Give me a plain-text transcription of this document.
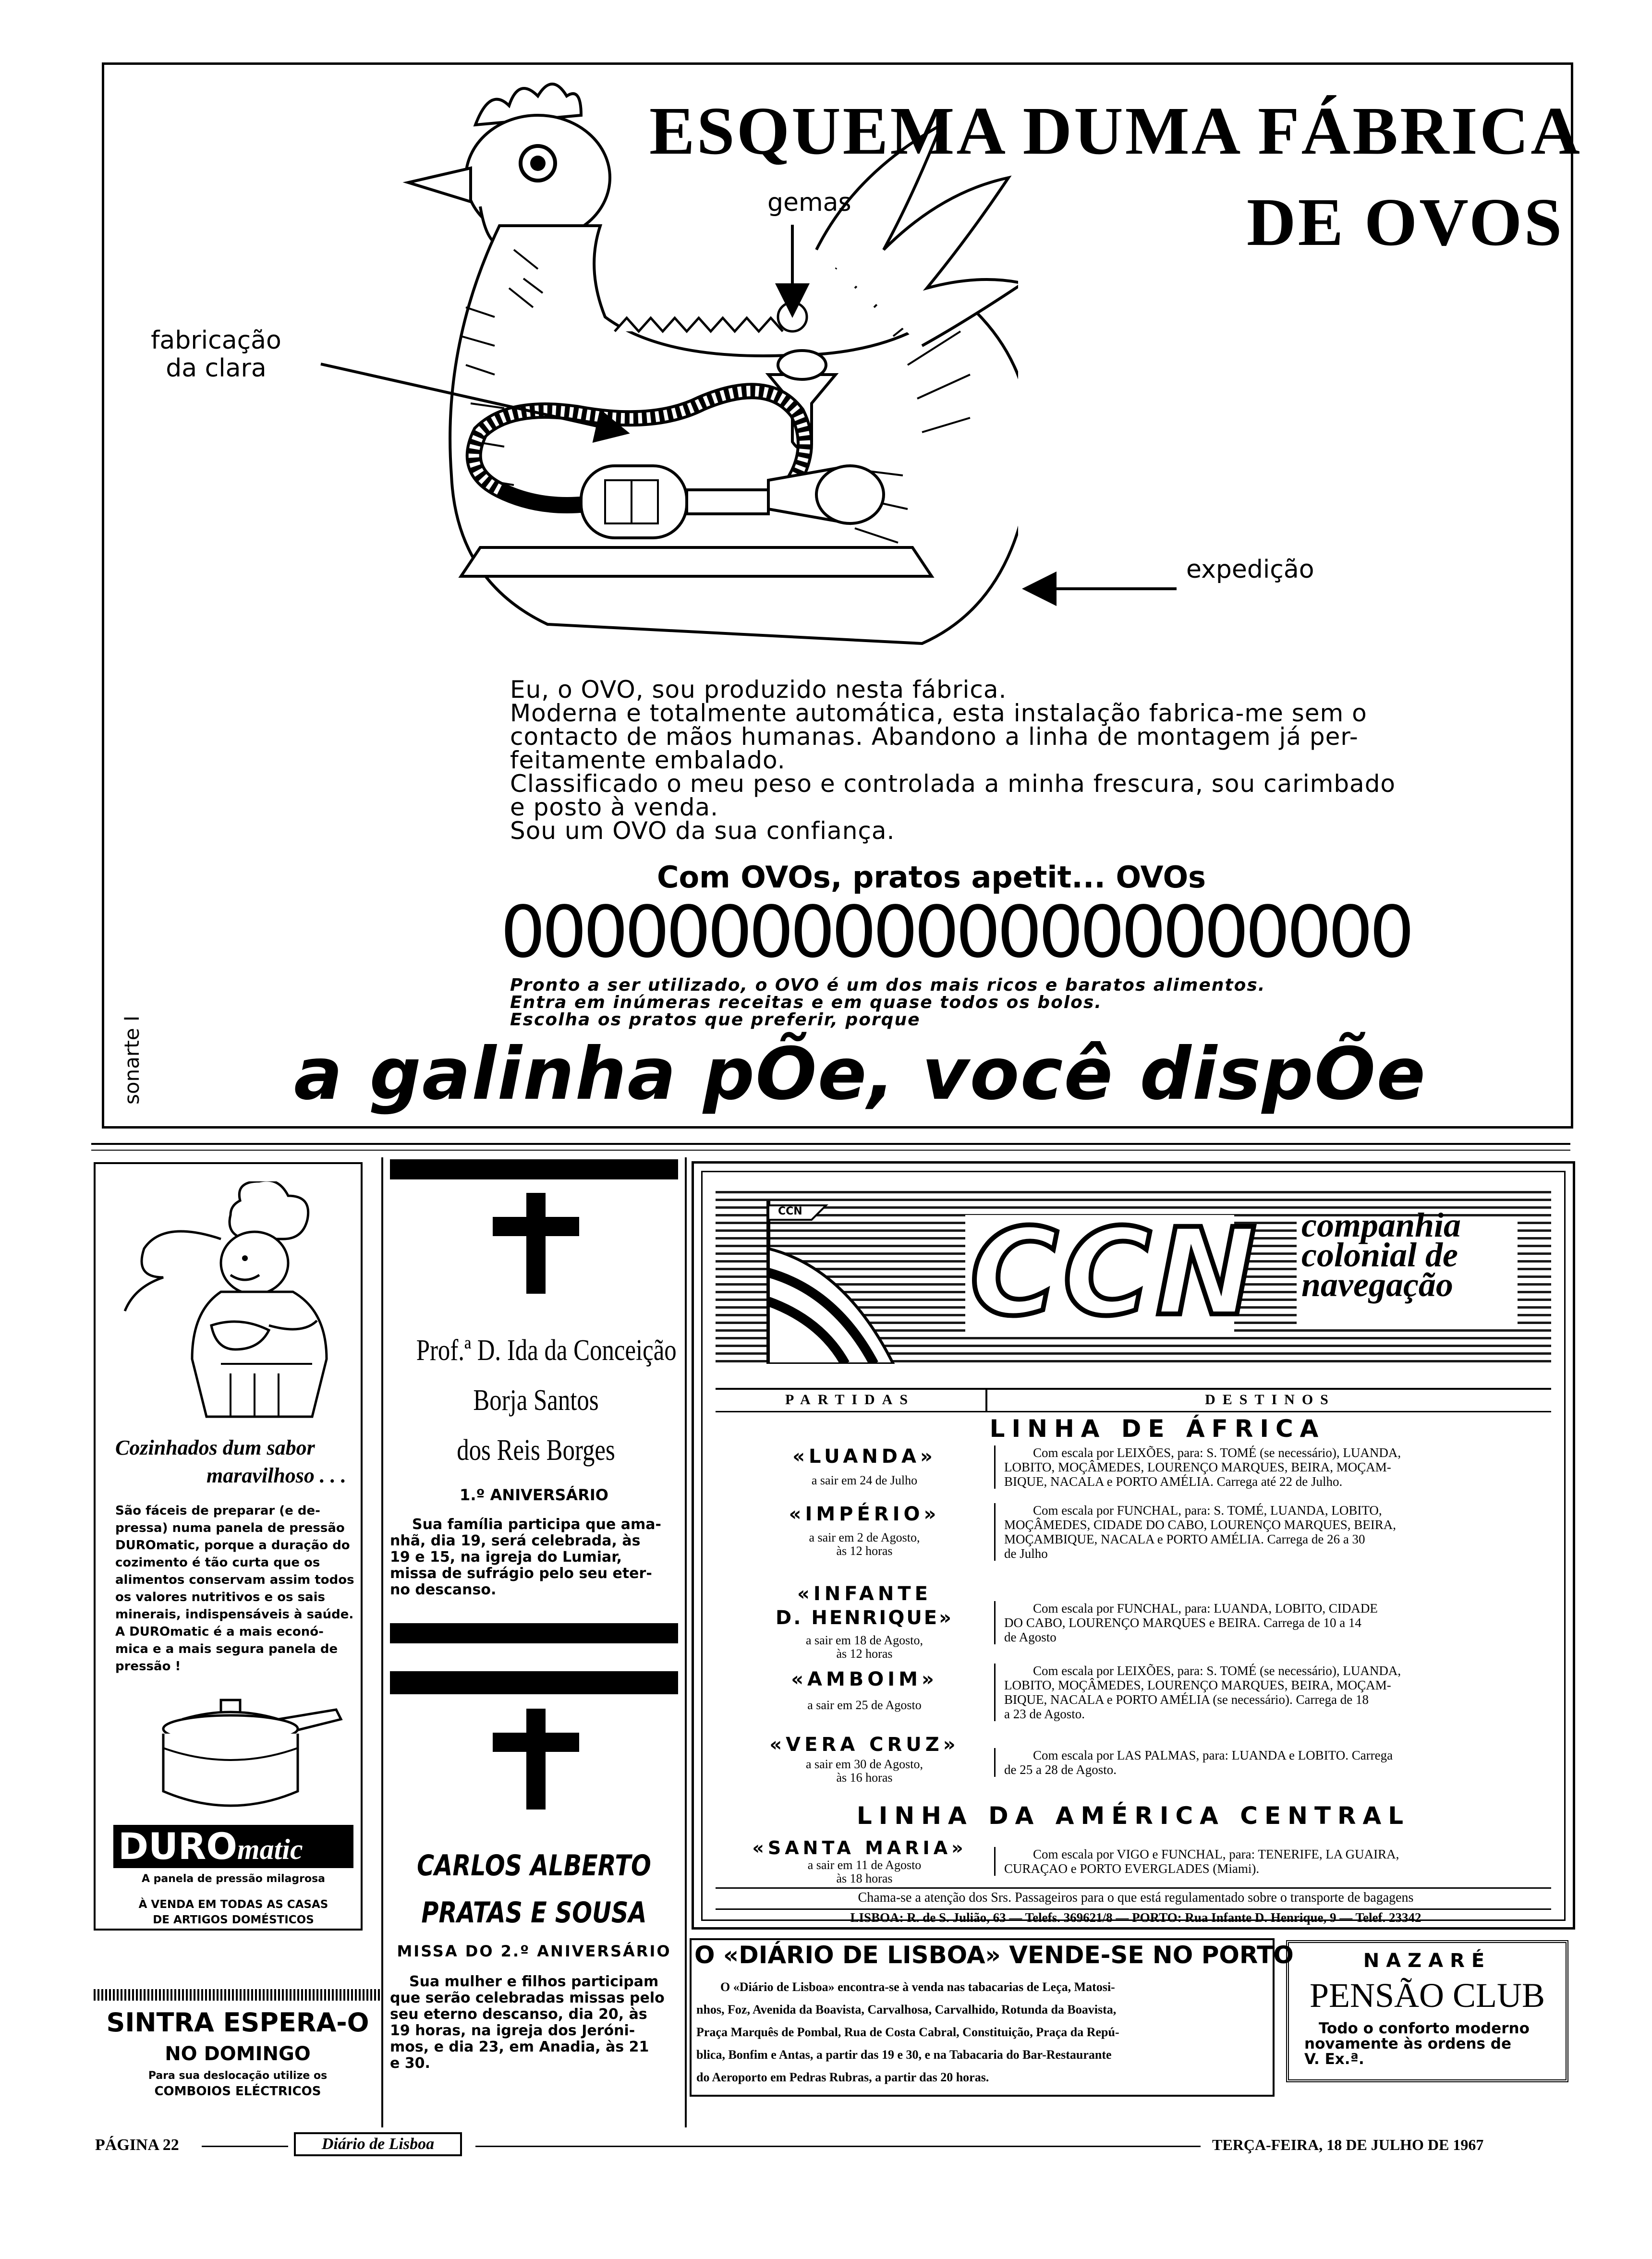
ESQUEMA DUMA FÁBRICA
DE OVOS
gemas
fabricação
da clara
expedição
Eu, o OVO, sou produzido nesta fábrica.
Moderna e totalmente automática, esta instalação fabrica-me sem o
contacto de mãos humanas. Abandono a linha de montagem já per-
feitamente embalado.
Classificado o meu peso e controlada a minha frescura, sou carimbado
e posto à venda.
Sou um OVO da sua confiança.
Com OVOs, pratos apetit... OVOs
0000000000000000000000
Pronto a ser utilizado, o OVO é um dos mais ricos e baratos alimentos.
Entra em inúmeras receitas e em quase todos os bolos.
Escolha os pratos que preferir, porque
a galinha pÕe, você dispÕe
sonarte I
Cozinhados dum sabor
maravilhoso . . .
São fáceis de preparar (e de-
pressa) numa panela de pressão
DUROmatic, porque a duração do
cozimento é tão curta que os
alimentos conservam assim todos
os valores nutritivos e os sais
minerais, indispensáveis à saúde.
A DUROmatic é a mais econó-
mica e a mais segura panela de
pressão !
DUROmatic
A panela de pressão milagrosa
À VENDA EM TODAS AS CASAS
DE ARTIGOS DOMÉSTICOS
SINTRA ESPERA-O
NO DOMINGO
Para sua deslocação utilize os
COMBOIOS ELÉCTRICOS
Prof.ª D. Ida da Conceição
Borja Santos
dos Reis Borges
1.º ANIVERSÁRIO
Sua família participa que ama-
nhã, dia 19, será celebrada, às
19 e 15, na igreja do Lumiar,
missa de sufrágio pelo seu eter-
no descanso.
CARLOS ALBERTO
PRATAS E SOUSA
MISSA DO 2.º ANIVERSÁRIO
Sua mulher e filhos participam
que serão celebradas missas pelo
seu eterno descanso, dia 20, às
19 horas, na igreja dos Jeróni-
mos, e dia 23, em Anadia, às 21
e 30.
CCN CCN companhia
colonial de
navegação
PARTIDAS	DESTINOS
LINHA DE ÁFRICA
«LUANDA»
a sair em 24 de Julho
Com escala por LEIXÕES, para: S. TOMÉ (se necessário), LUANDA,
LOBITO, MOÇÂMEDES, LOURENÇO MARQUES, BEIRA, MOÇAM-
BIQUE, NACALA e PORTO AMÉLIA. Carrega até 22 de Julho.
«IMPÉRIO»
a sair em 2 de Agosto,
às 12 horas
Com escala por FUNCHAL, para: S. TOMÉ, LUANDA, LOBITO,
MOÇÂMEDES, CIDADE DO CABO, LOURENÇO MARQUES, BEIRA,
MOÇAMBIQUE, NACALA e PORTO AMÉLIA. Carrega de 26 a 30
de Julho
«INFANTE
D. HENRIQUE»
a sair em 18 de Agosto,
às 12 horas
Com escala por FUNCHAL, para: LUANDA, LOBITO, CIDADE
DO CABO, LOURENÇO MARQUES e BEIRA. Carrega de 10 a 14
de Agosto
«AMBOIM»
a sair em 25 de Agosto
Com escala por LEIXÕES, para: S. TOMÉ (se necessário), LUANDA,
LOBITO, MOÇÂMEDES, LOURENÇO MARQUES, BEIRA, MOÇAM-
BIQUE, NACALA e PORTO AMÉLIA (se necessário). Carrega de 18
a 23 de Agosto.
«VERA CRUZ»
a sair em 30 de Agosto,
às 16 horas
Com escala por LAS PALMAS, para: LUANDA e LOBITO. Carrega
de 25 a 28 de Agosto.
LINHA DA AMÉRICA CENTRAL
«SANTA MARIA»
a sair em 11 de Agosto
às 18 horas
Com escala por VIGO e FUNCHAL, para: TENERIFE, LA GUAIRA,
CURAÇAO e PORTO EVERGLADES (Miami).
Chama-se a atenção dos Srs. Passageiros para o que está regulamentado sobre o transporte de bagagens
LISBOA: R. de S. Julião, 63 — Telefs. 369621/8 — PORTO: Rua Infante D. Henrique, 9 — Telef. 23342
O «DIÁRIO DE LISBOA» VENDE-SE NO PORTO
O «Diário de Lisboa» encontra-se à venda nas tabacarias de Leça, Matosi-
nhos, Foz, Avenida da Boavista, Carvalhosa, Carvalhido, Rotunda da Boavista,
Praça Marquês de Pombal, Rua de Costa Cabral, Constituição, Praça da Repú-
blica, Bonfim e Antas, a partir das 19 e 30, e na Tabacaria do Bar-Restaurante
do Aeroporto em Pedras Rubras, a partir das 20 horas.
NAZARÉ
PENSÃO CLUB
Todo o conforto moderno
novamente às ordens de
V. Ex.ª.
PÁGINA 22	Diário de Lisboa	TERÇA-FEIRA, 18 DE JULHO DE 1967
